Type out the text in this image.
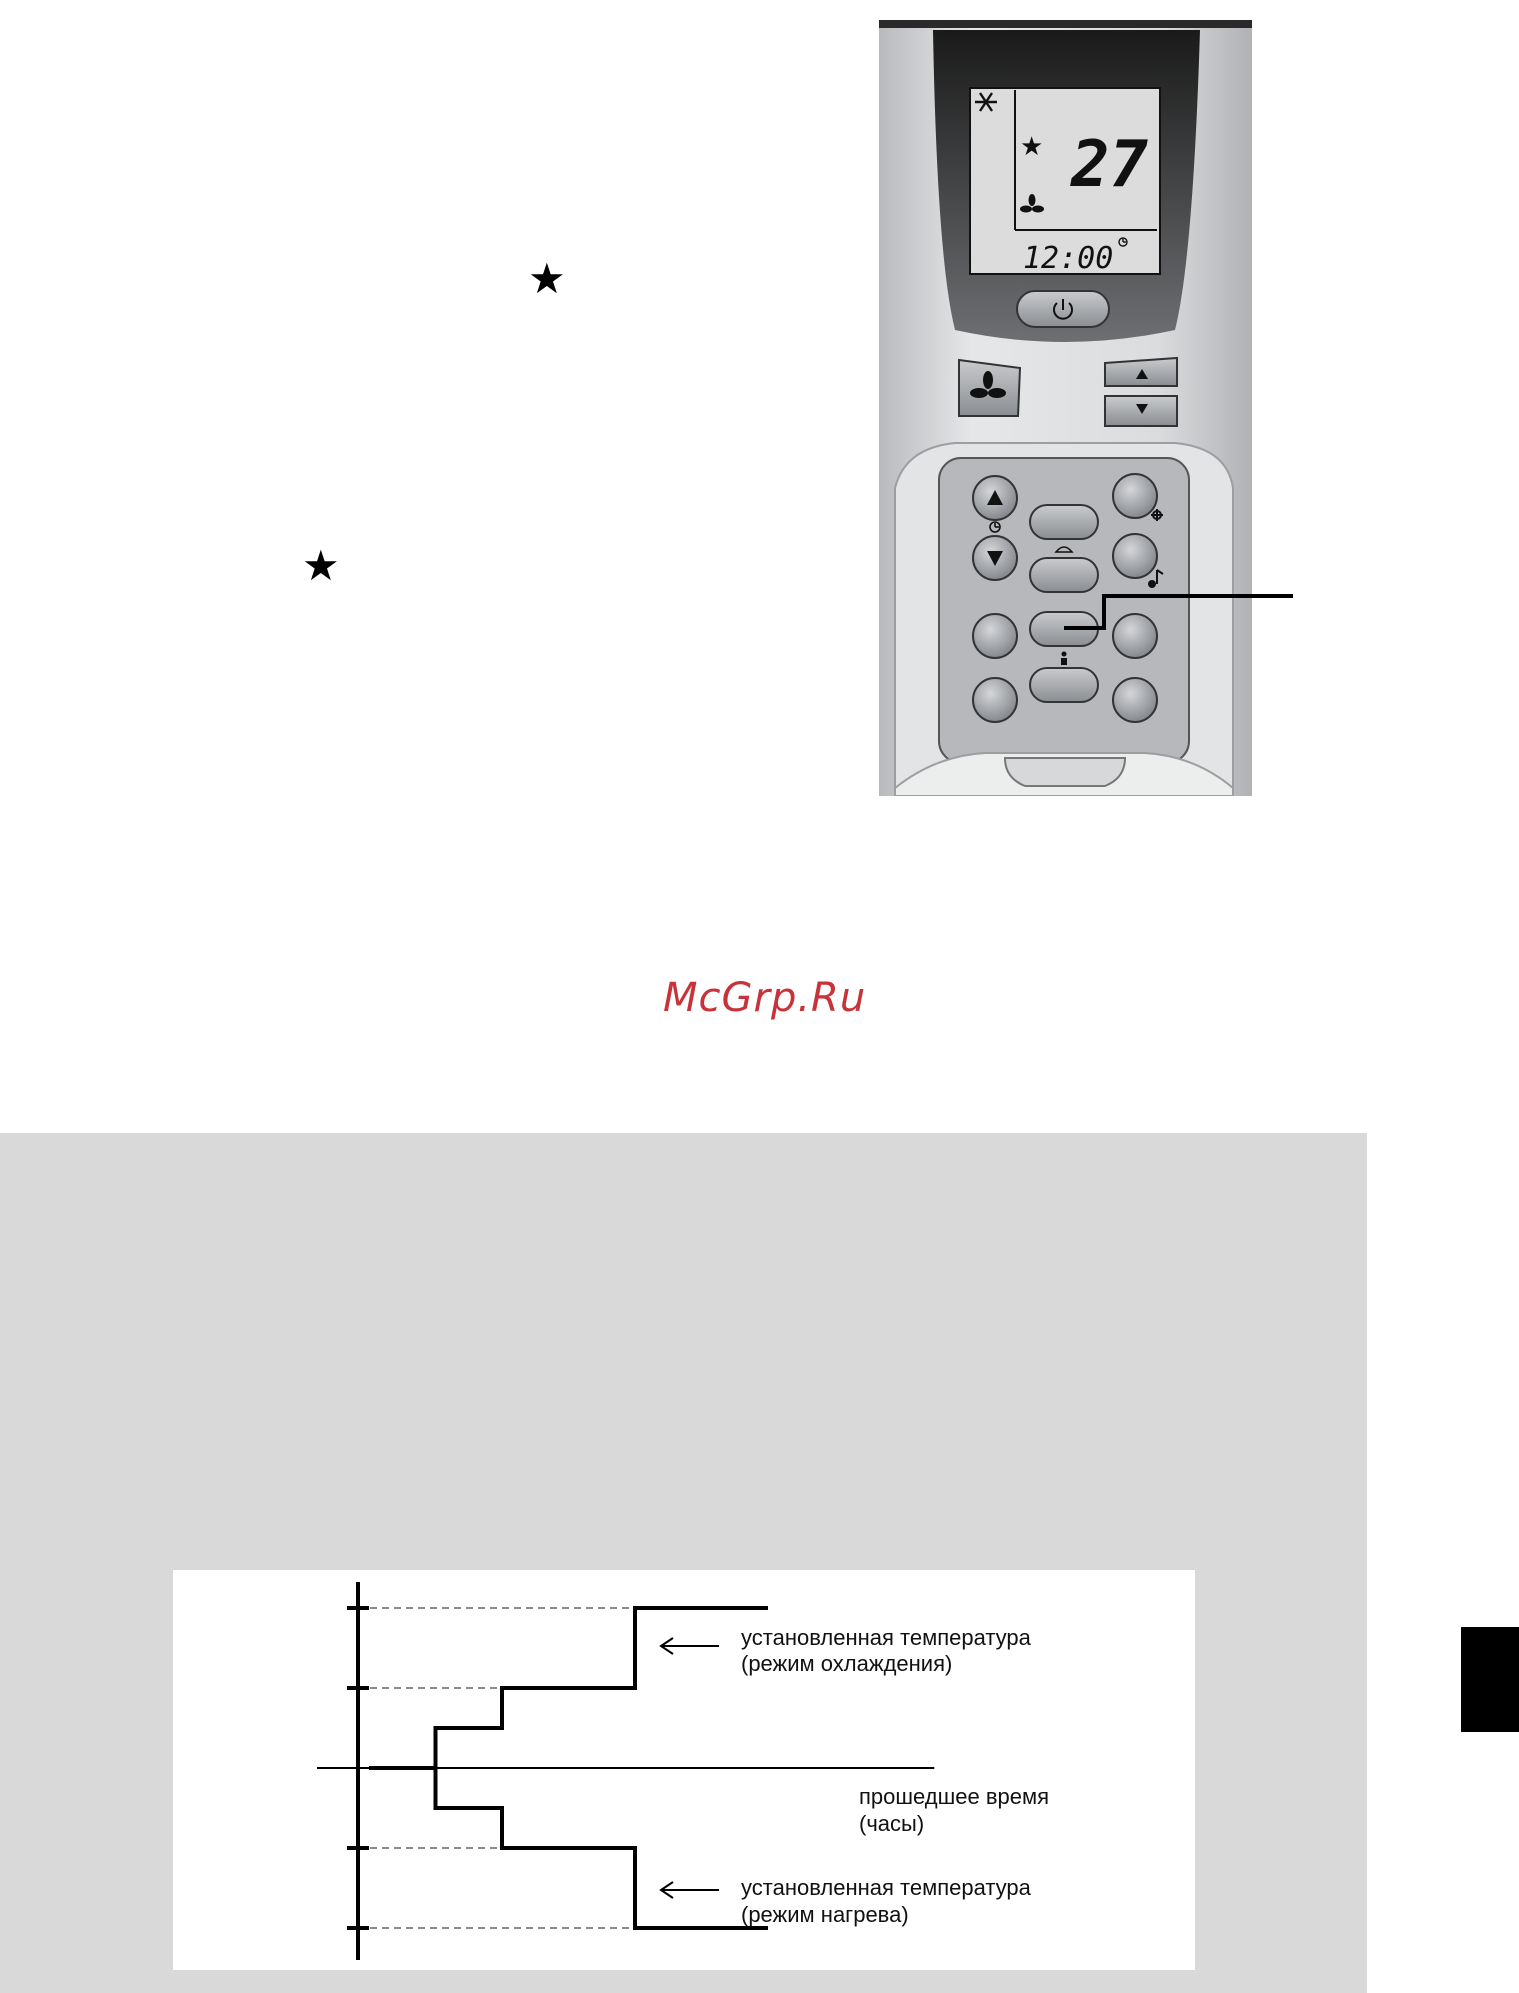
★
★
★ 27
12:00
McGrp.Ru
установленная температура
(режим охлаждения)
прошедшее время
(часы)
установленная температура
(режим нагрева)
